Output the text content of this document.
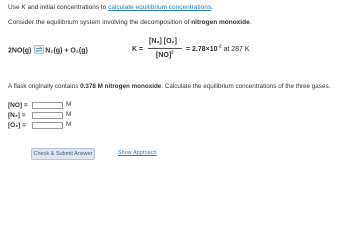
Use K and initial concentrations to calculate equilibrium concentrations.
Consider the equilibrium system involving the decomposition of nitrogen monoxide.
2NO(g) N₂(g) + O₂(g)	K =
[N₂] [O₂]
$[NO]^2 = 2.78\times 10^{-2}$ at 287 K
A flask originally contains 0.378 M nitrogen monoxide. Calculate the equilibrium concentrations of the three gases.
[NO] =	M
[N₂] =	M
[O₂] =	M
Check & Submit Answer	Show Approach
